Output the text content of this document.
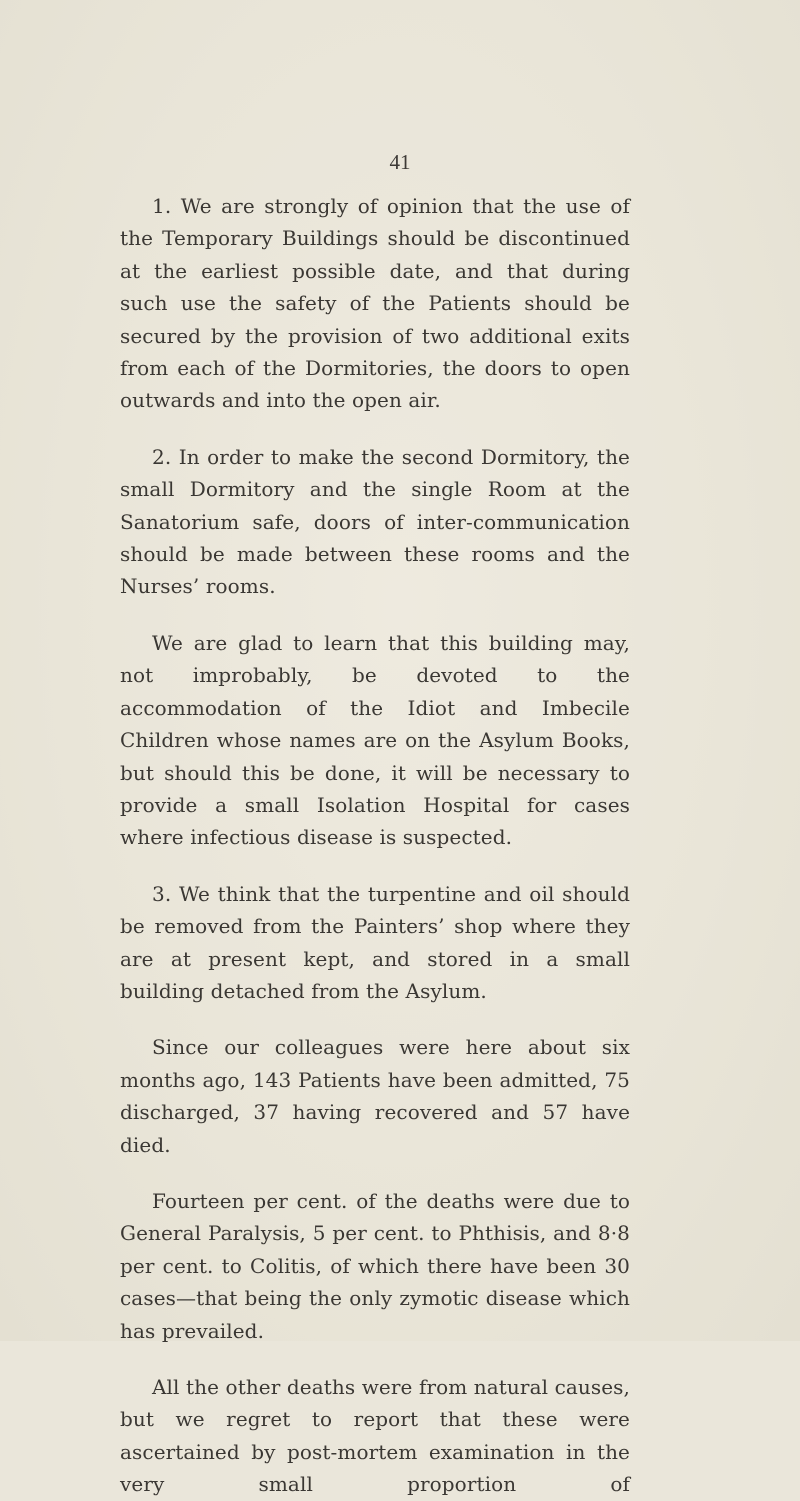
41

1. We are strongly of opinion that the use of the Temporary Buildings should be discontinued at the earliest possible date, and that during such use the safety of the Patients should be secured by the provision of two additional exits from each of the Dormitories, the doors to open outwards and into the open air.

2. In order to make the second Dormitory, the small Dormitory and the single Room at the Sanatorium safe, doors of inter-communication should be made between these rooms and the Nurses’ rooms.

We are glad to learn that this building may, not improbably, be devoted to the accommodation of the Idiot and Imbecile Children whose names are on the Asylum Books, but should this be done, it will be necessary to provide a small Isolation Hospital for cases where infectious disease is suspected.

3. We think that the turpentine and oil should be removed from the Painters’ shop where they are at present kept, and stored in a small building detached from the Asylum.

Since our colleagues were here about six months ago, 143 Patients have been admitted, 75 discharged, 37 having recovered and 57 have died.

Fourteen per cent. of the deaths were due to General Paralysis, 5 per cent. to Phthisis, and 8·8 per cent. to Colitis, of which there have been 30 cases—that being the only zymotic disease which has prevailed.

All the other deaths were from natural causes, but we regret to report that these were ascertained by post-mortem examination in the very small proportion of
